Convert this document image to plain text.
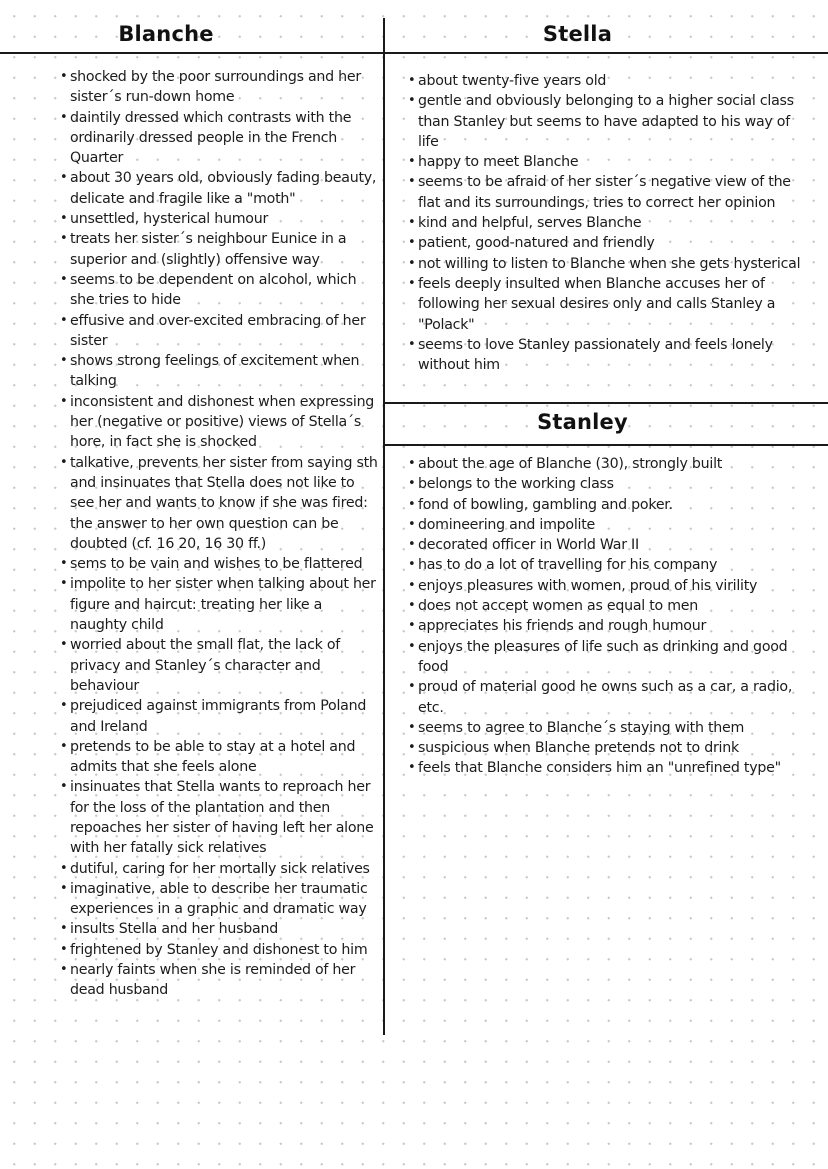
Blanche
• shocked by the poor surroundings and her sister´s run-down home
• daintily dressed which contrasts with the ordinarily dressed people in the French Quarter
• about 30 years old, obviously fading beauty, delicate and fragile like a "moth"
• unsettled, hysterical humour
• treats her sister´s neighbour Eunice in a superior and (slightly) offensive way
• seems to be dependent on alcohol, which she tries to hide
• effusive and over-excited embracing of her sister
• shows strong feelings of excitement when talking
• inconsistent and dishonest when expressing her (negative or positive) views of Stella´s hore, in fact she is shocked
• talkative, prevents her sister from saying sth and insinuates that Stella does not like to see her and wants to know if she was fired: the answer to her own question can be doubted (cf. 16 20, 16 30 ff.)
• sems to be vain and wishes to be flattered
• impolite to her sister when talking about her figure and haircut: treating her like a naughty child
• worried about the small flat, the lack of privacy and Stanley´s character and behaviour
• prejudiced against immigrants from Poland and Ireland
• pretends to be able to stay at a hotel and admits that she feels alone
• insinuates that Stella wants to reproach her for the loss of the plantation and then repoaches her sister of having left her alone with her fatally sick relatives
• dutiful, caring for her mortally sick relatives
• imaginative, able to describe her traumatic experiences in a graphic and dramatic way
• insults Stella and her husband
• frightened by Stanley and dishonest to him
• nearly faints when she is reminded of her dead husband
Stella
• about twenty-five years old
• gentle and obviously belonging to a higher social class than Stanley but seems to have adapted to his way of life
• happy to meet Blanche
• seems to be afraid of her sister´s negative view of the flat and its surroundings, tries to correct her opinion
• kind and helpful, serves Blanche
• patient, good-natured and friendly
• not willing to listen to Blanche when she gets hysterical
• feels deeply insulted when Blanche accuses her of following her sexual desires only and calls Stanley a "Polack"
• seems to love Stanley passionately and feels lonely without him
Stanley
• about the age of Blanche (30), strongly built
• belongs to the working class
• fond of bowling, gambling and poker.
• domineering and impolite
• decorated officer in World War II
• has to do a lot of travelling for his company
• enjoys pleasures with women, proud of his virility
• does not accept women as equal to men
• appreciates his friends and rough humour
• enjoys the pleasures of life such as drinking and good food
• proud of material good he owns such as a car, a radio, etc.
• seems to agree to Blanche´s staying with them
• suspicious when Blanche pretends not to drink
• feels that Blanche considers him an "unrefined type"
